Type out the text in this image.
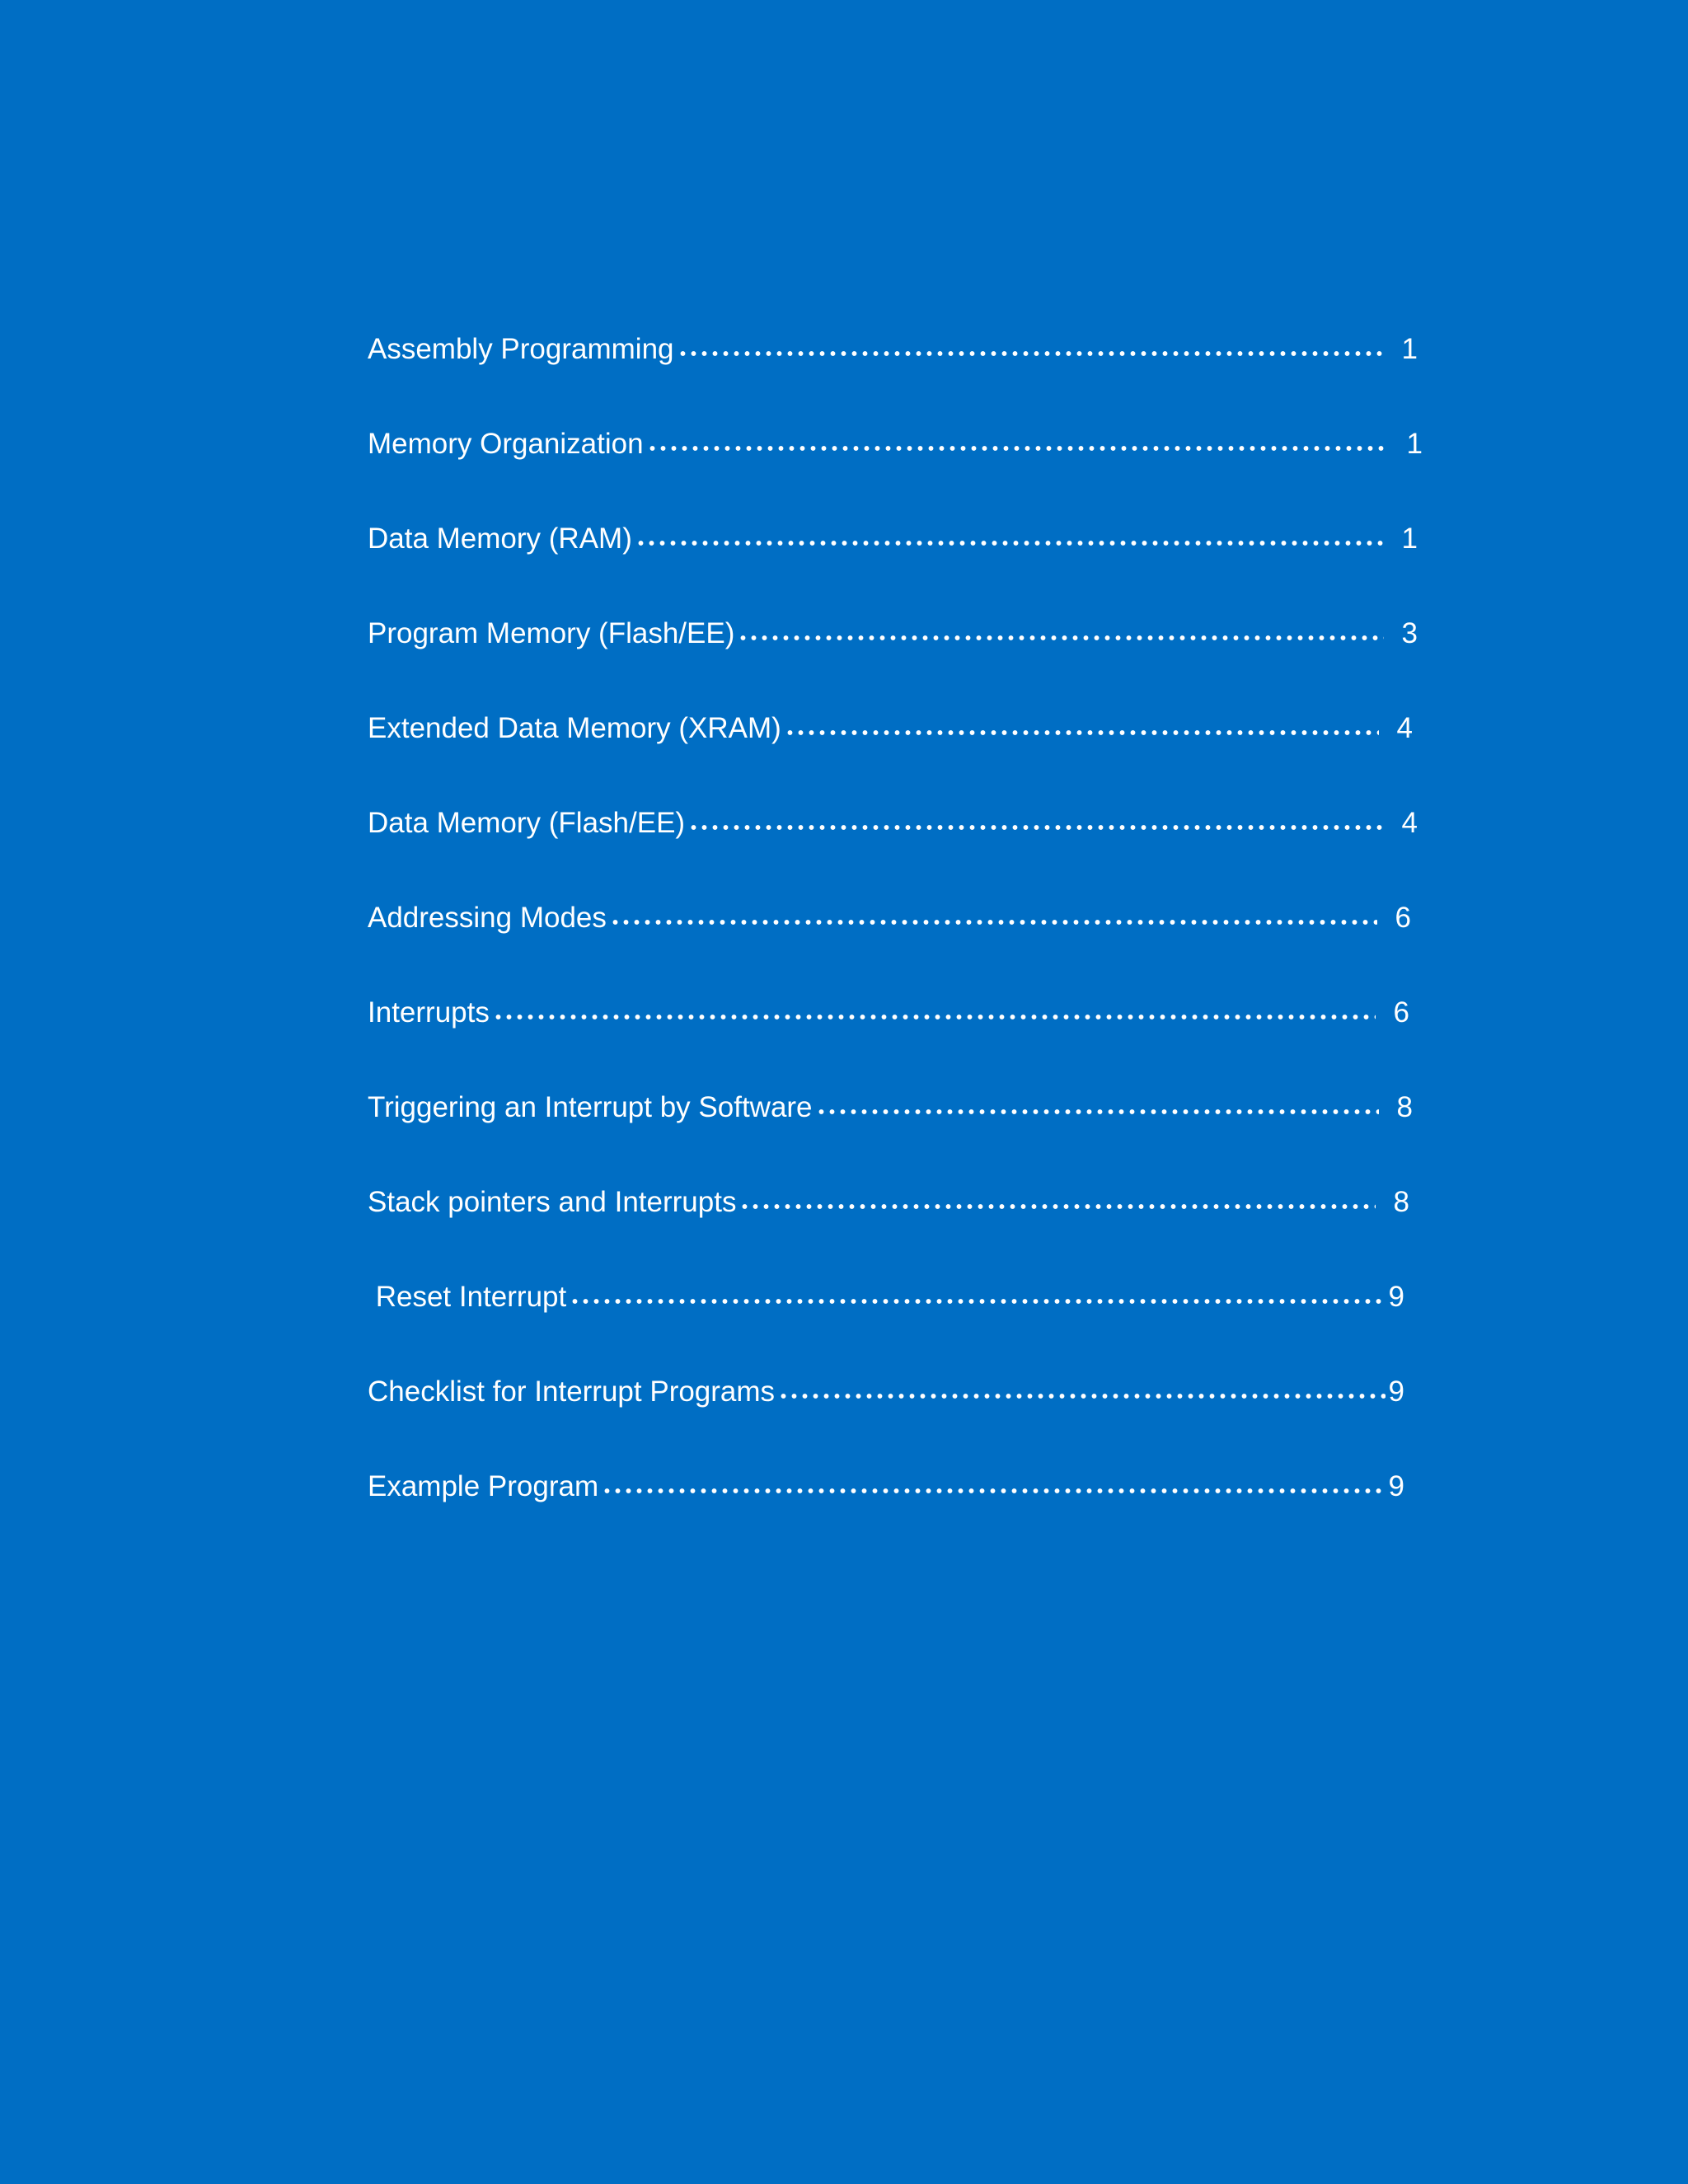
Assembly Programming	1
Memory Organization	1
Data Memory (RAM)	1
Program Memory (Flash/EE)	3
Extended Data Memory (XRAM)	4
Data Memory (Flash/EE)	4
Addressing Modes	6
Interrupts	6
Triggering an Interrupt by Software	8
Stack pointers and Interrupts	8
Reset Interrupt	9
Checklist for Interrupt Programs	9
Example Program	9
